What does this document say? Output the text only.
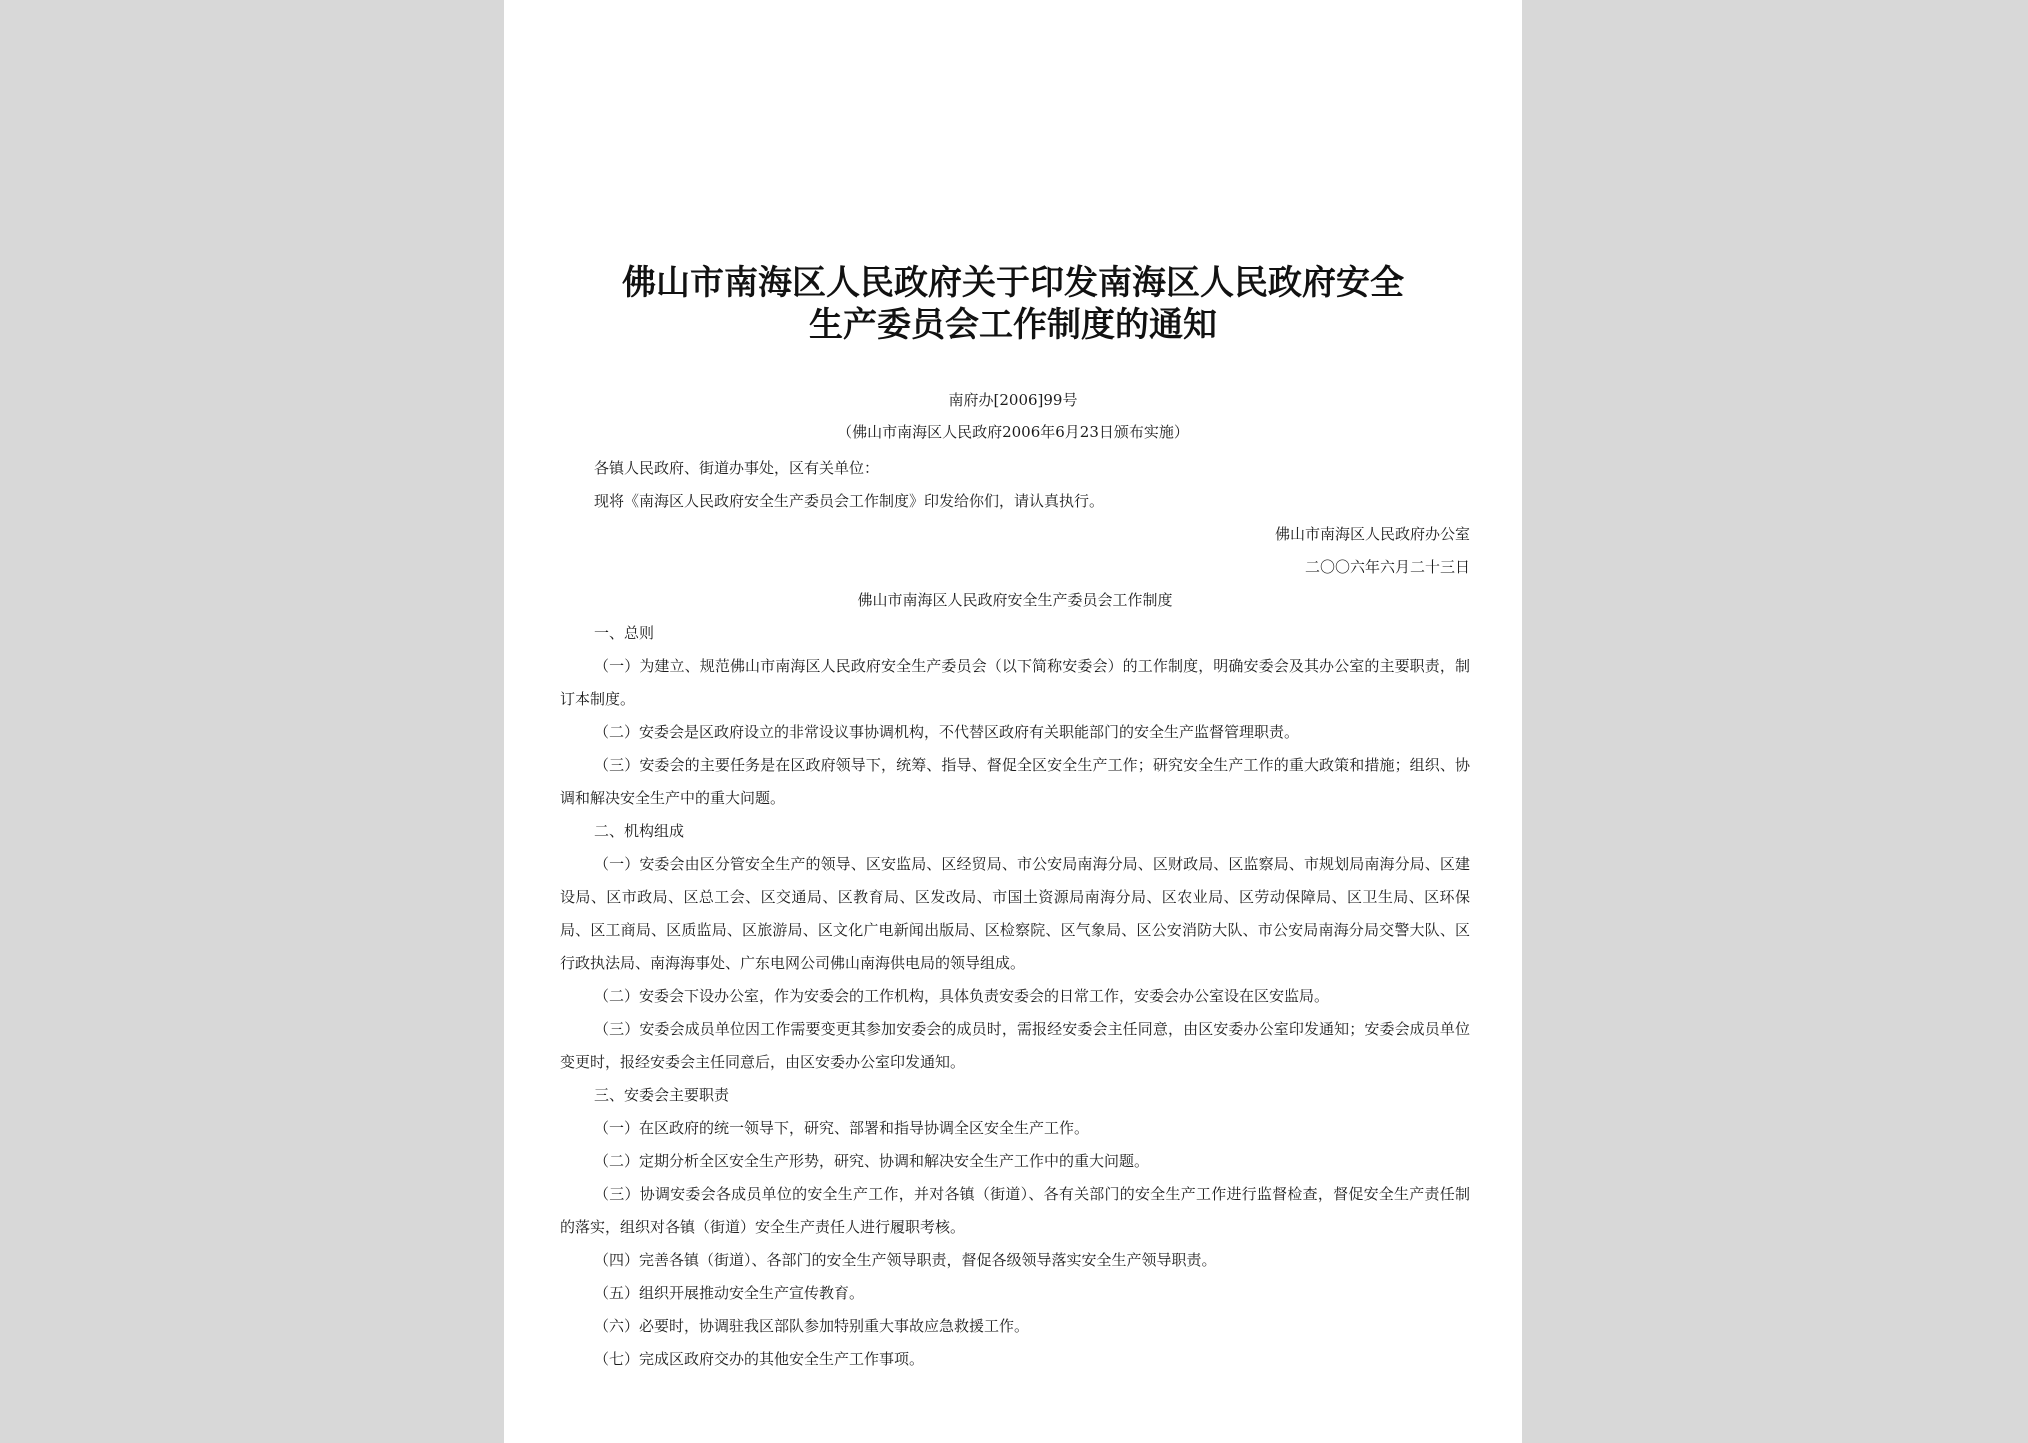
佛山市南海区人民政府关于印发南海区人民政府安全
生产委员会工作制度的通知
南府办[2006]99号
（佛山市南海区人民政府2006年6月23日颁布实施）

各镇人民政府、街道办事处，区有关单位：

现将《南海区人民政府安全生产委员会工作制度》印发给你们，请认真执行。

佛山市南海区人民政府办公室

二〇〇六年六月二十三日

佛山市南海区人民政府安全生产委员会工作制度

一、总则

（一）为建立、规范佛山市南海区人民政府安全生产委员会（以下简称安委会）的工作制度，明确安委会及其办公室的主要职责，制订本制度。

（二）安委会是区政府设立的非常设议事协调机构，不代替区政府有关职能部门的安全生产监督管理职责。

（三）安委会的主要任务是在区政府领导下，统筹、指导、督促全区安全生产工作；研究安全生产工作的重大政策和措施；组织、协调和解决安全生产中的重大问题。

二、机构组成

（一）安委会由区分管安全生产的领导、区安监局、区经贸局、市公安局南海分局、区财政局、区监察局、市规划局南海分局、区建设局、区市政局、区总工会、区交通局、区教育局、区发改局、市国土资源局南海分局、区农业局、区劳动保障局、区卫生局、区环保局、区工商局、区质监局、区旅游局、区文化广电新闻出版局、区检察院、区气象局、区公安消防大队、市公安局南海分局交警大队、区行政执法局、南海海事处、广东电网公司佛山南海供电局的领导组成。

（二）安委会下设办公室，作为安委会的工作机构，具体负责安委会的日常工作，安委会办公室设在区安监局。

（三）安委会成员单位因工作需要变更其参加安委会的成员时，需报经安委会主任同意，由区安委办公室印发通知；安委会成员单位变更时，报经安委会主任同意后，由区安委办公室印发通知。

三、安委会主要职责

（一）在区政府的统一领导下，研究、部署和指导协调全区安全生产工作。

（二）定期分析全区安全生产形势，研究、协调和解决安全生产工作中的重大问题。

（三）协调安委会各成员单位的安全生产工作，并对各镇（街道）、各有关部门的安全生产工作进行监督检查，督促安全生产责任制的落实，组织对各镇（街道）安全生产责任人进行履职考核。

（四）完善各镇（街道）、各部门的安全生产领导职责，督促各级领导落实安全生产领导职责。

（五）组织开展推动安全生产宣传教育。

（六）必要时，协调驻我区部队参加特别重大事故应急救援工作。

（七）完成区政府交办的其他安全生产工作事项。
